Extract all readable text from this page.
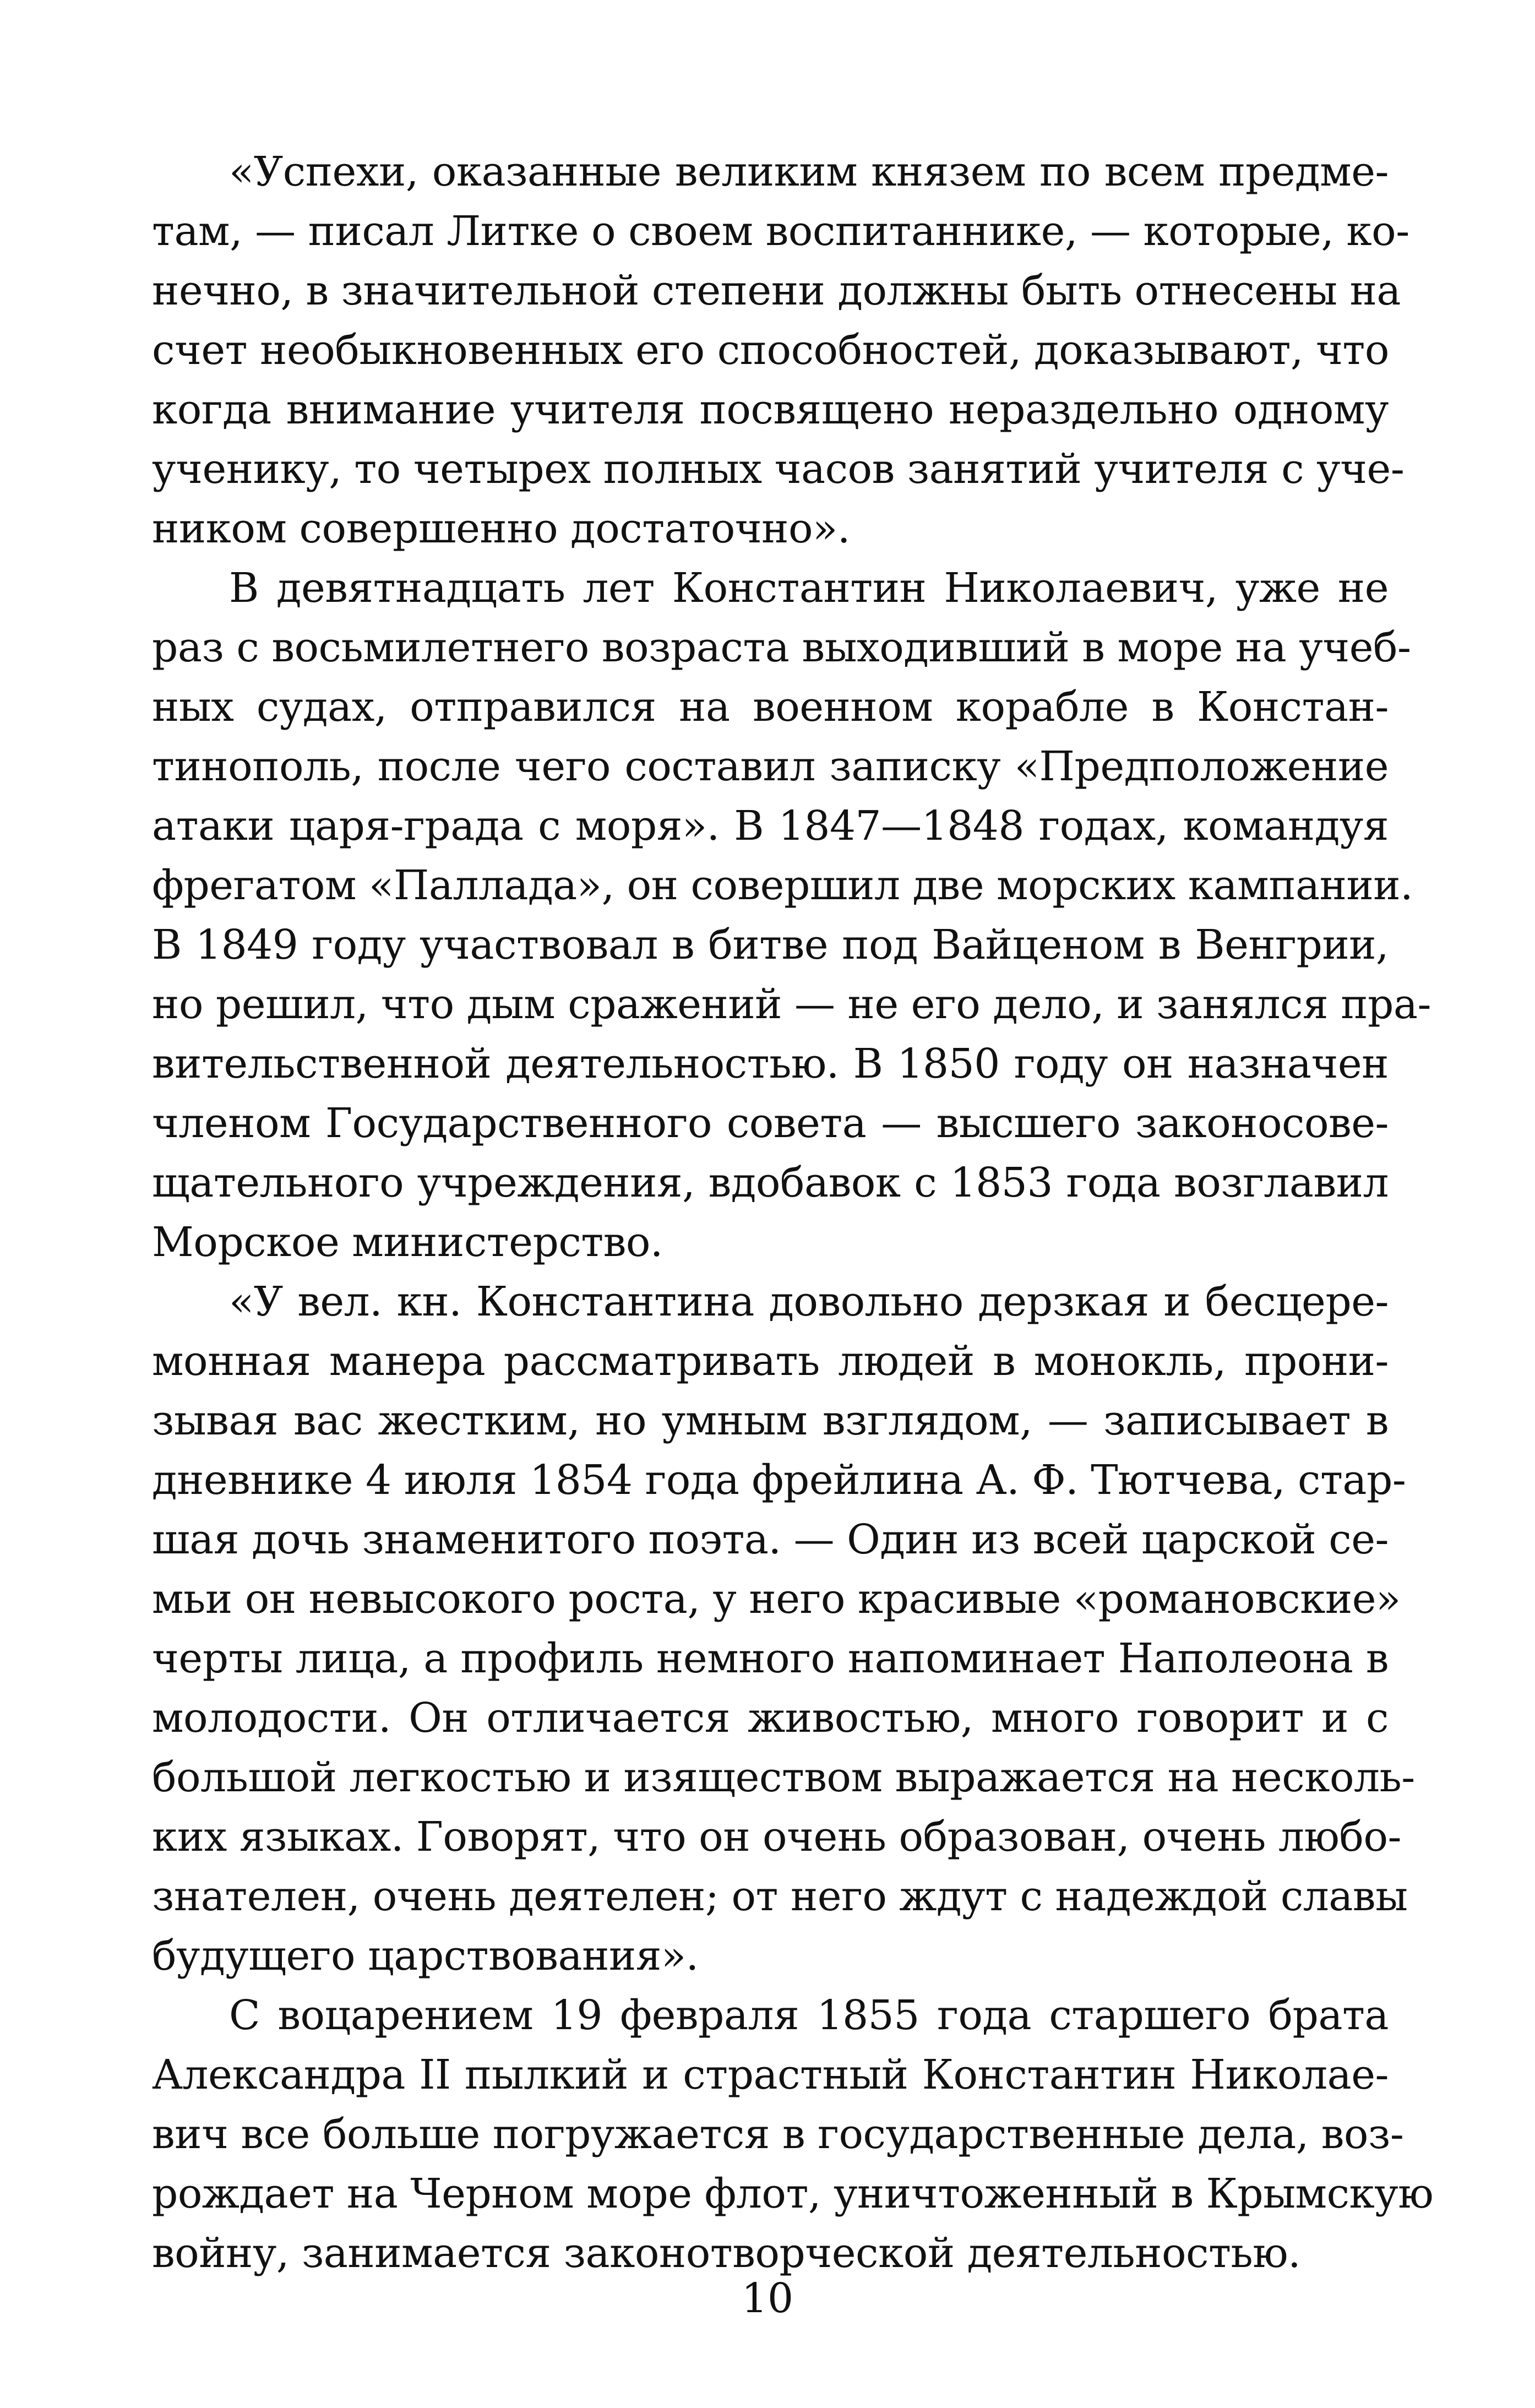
«Успехи, оказанные великим князем по всем предме-
там, — писал Литке о своем воспитаннике, — которые, ко-
нечно, в значительной степени должны быть отнесены на
счет необыкновенных его способностей, доказывают, что
когда внимание учителя посвящено нераздельно одному
ученику, то четырех полных часов занятий учителя с уче-
ником совершенно достаточно».
В девятнадцать лет Константин Николаевич, уже не
раз с восьмилетнего возраста выходивший в море на учеб-
ных судах, отправился на военном корабле в Констан-
тинополь, после чего составил записку «Предположение
атаки царя-града с моря». В 1847—1848 годах, командуя
фрегатом «Паллада», он совершил две морских кампании.
В 1849 году участвовал в битве под Вайценом в Венгрии,
но решил, что дым сражений — не его дело, и занялся пра-
вительственной деятельностью. В 1850 году он назначен
членом Государственного совета — высшего законосове-
щательного учреждения, вдобавок с 1853 года возглавил
Морское министерство.
«У вел. кн. Константина довольно дерзкая и бесцере-
монная манера рассматривать людей в монокль, прони-
зывая вас жестким, но умным взглядом, — записывает в
дневнике 4 июля 1854 года фрейлина А. Ф. Тютчева, стар-
шая дочь знаменитого поэта. — Один из всей царской се-
мьи он невысокого роста, у него красивые «романовские»
черты лица, а профиль немного напоминает Наполеона в
молодости. Он отличается живостью, много говорит и с
большой легкостью и изяществом выражается на несколь-
ких языках. Говорят, что он очень образован, очень любо-
знателен, очень деятелен; от него ждут с надеждой славы
будущего царствования».
С воцарением 19 февраля 1855 года старшего брата
Александра II пылкий и страстный Константин Николае-
вич все больше погружается в государственные дела, воз-
рождает на Черном море флот, уничтоженный в Крымскую
войну, занимается законотворческой деятельностью.
10
